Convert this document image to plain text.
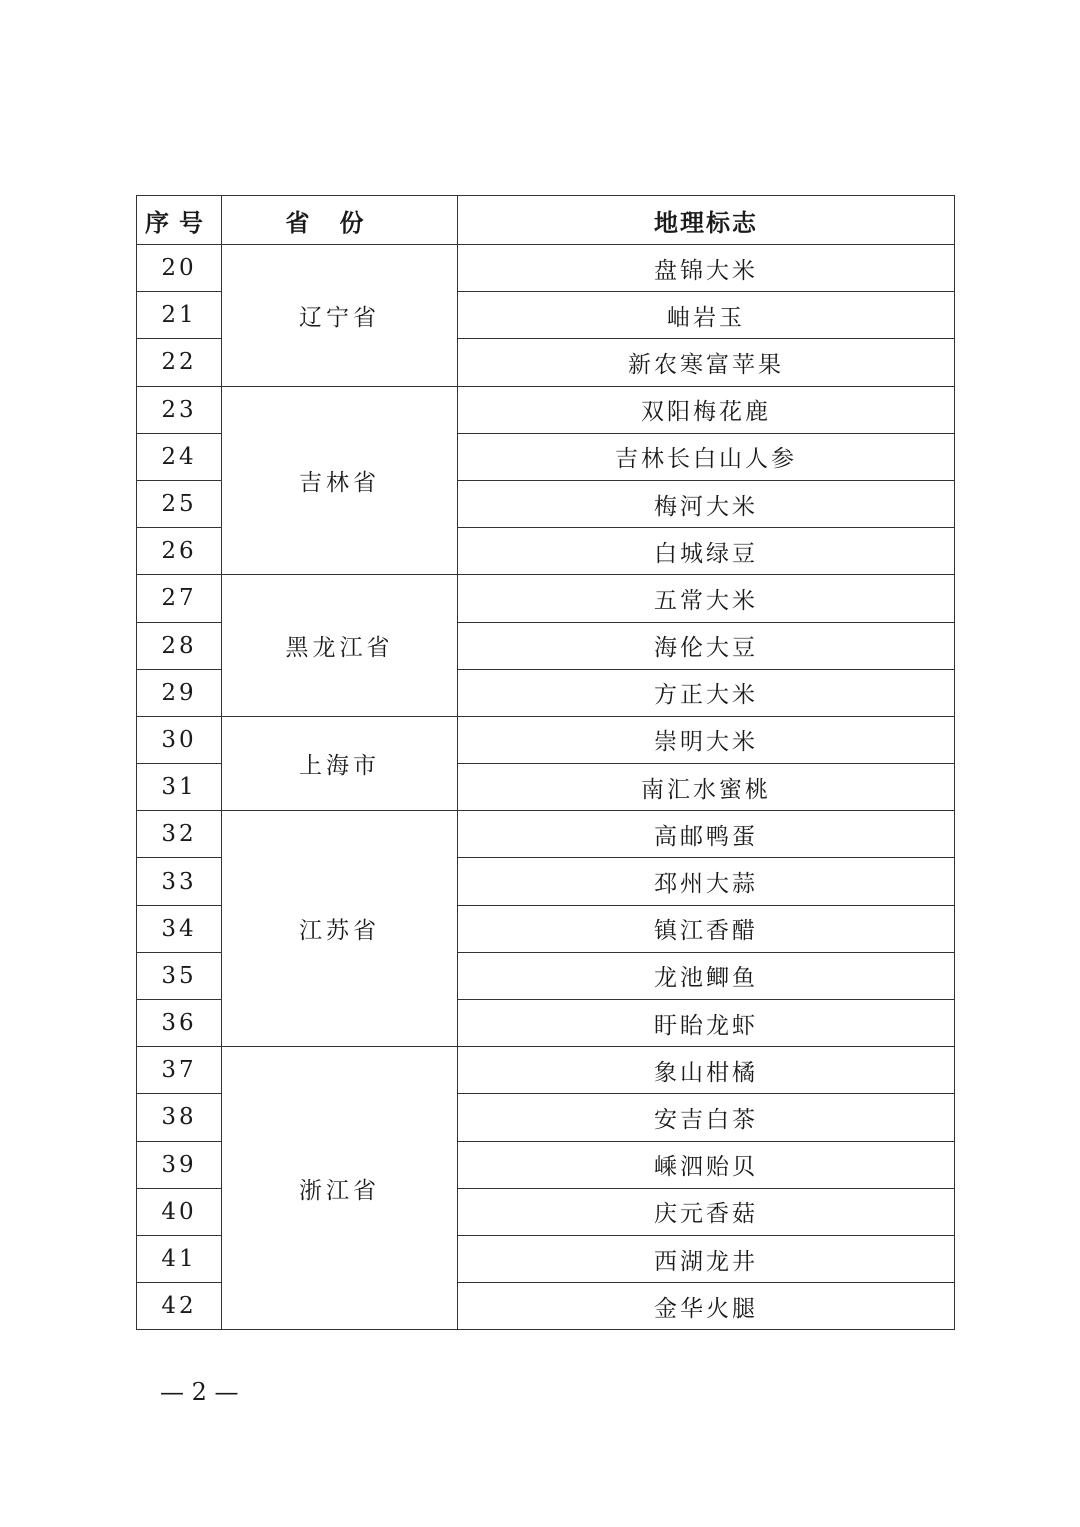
序号	省份	地理标志
20	辽宁省	盘锦大米
21		岫岩玉
22		新农寒富苹果
23	吉林省	双阳梅花鹿
24		吉林长白山人参
25		梅河大米
26		白城绿豆
27	黑龙江省	五常大米
28		海伦大豆
29		方正大米
30	上海市	崇明大米
31		南汇水蜜桃
32	江苏省	高邮鸭蛋
33		邳州大蒜
34		镇江香醋
35		龙池鲫鱼
36		盱眙龙虾
37	浙江省	象山柑橘
38		安吉白茶
39		嵊泗贻贝
40		庆元香菇
41		西湖龙井
42		金华火腿
— 2 —
